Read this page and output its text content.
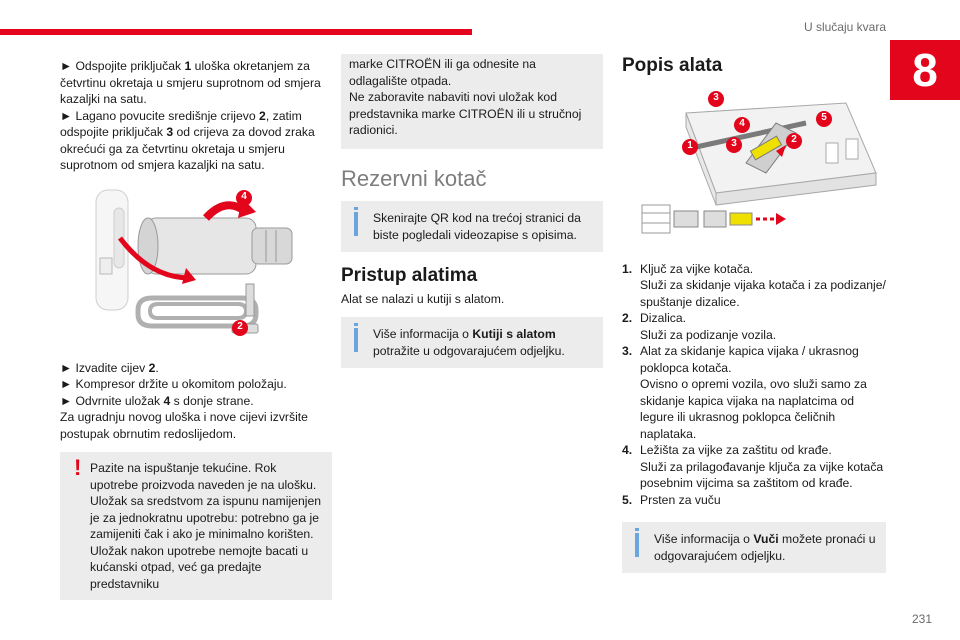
U slučaju kvara
8
231

► Odspojite priključak 1 uloška okretanjem za četvrtinu okretaja u smjeru suprotnom od smjera kazaljki na satu.

► Lagano povucite središnje crijevo 2, zatim odspojite priključak 3 od crijeva za dovod zraka okrećući ga za četvrtinu okretaja u smjeru suprotnom od smjera kazaljki na satu.

4
2

► Izvadite cijev 2.

► Kompresor držite u okomitom položaju.

► Odvrnite uložak 4 s donje strane.

Za ugradnju novog uloška i nove cijevi izvršite postupak obrnutim redoslijedom.

! Pazite na ispuštanje tekućine. Rok upotrebe proizvoda naveden je na ulošku. Uložak sa sredstvom za ispunu namijenjen je za jednokratnu upotrebu: potrebno ga je zamijeniti čak i ako je minimalno korišten. Uložak nakon upotrebe nemojte bacati u kućanski otpad, već ga predajte predstavniku

marke CITROËN ili ga odnesite na odlagalište otpada.

Ne zaboravite nabaviti novi uložak kod predstavnika marke CITROËN ili u stručnoj radionici.

Rezervni kotač

Skenirajte QR kod na trećoj stranici da biste pogledali videozapise s opisima.

Pristup alatima

Alat se nalazi u kutiji s alatom.

Više informacija o Kutiji s alatom potražite u odgovarajućem odjeljku.

Popis alata
1
2
3
4
5
3
1. Ključ za vijke kotača.
Služi za skidanje vijaka kotača i za podizanje/ spuštanje dizalice.
2. Dizalica.
Služi za podizanje vozila.
3. Alat za skidanje kapica vijaka / ukrasnog poklopca kotača.
Ovisno o opremi vozila, ovo služi samo za skidanje kapica vijaka na naplatcima od legure ili ukrasnog poklopca čeličnih naplataka.
4. Ležišta za vijke za zaštitu od krađe.
Služi za prilagođavanje ključa za vijke kotača posebnim vijcima sa zaštitom od krađe.
5. Prsten za vuču

Više informacija o Vuči možete pronaći u odgovarajućem odjeljku.
